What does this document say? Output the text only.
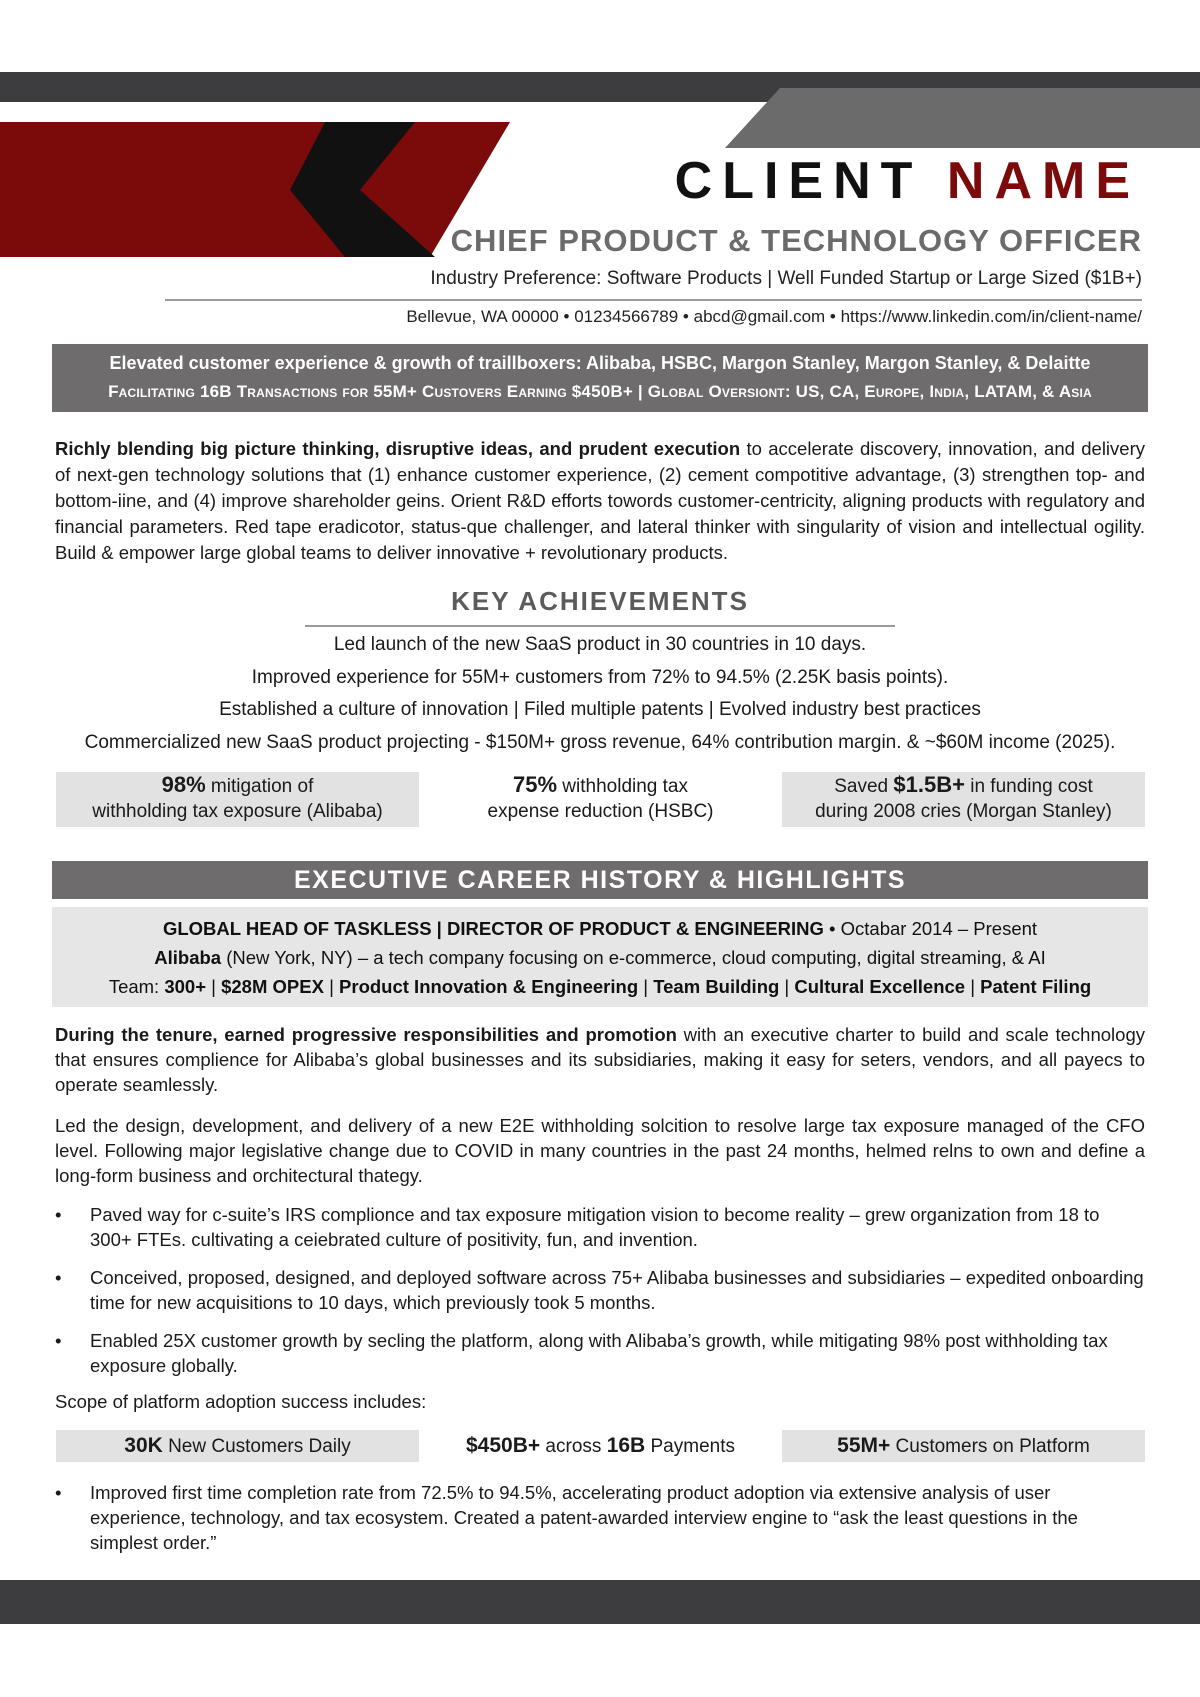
CLIENT NAME
CHIEF PRODUCT & TECHNOLOGY OFFICER
Industry Preference: Software Products | Well Funded Startup or Large Sized ($1B+)
Bellevue, WA 00000 • 01234566789 • abcd@gmail.com • https://www.linkedin.com/in/client-name/
Elevated customer experience & growth of traillboxers: Alibaba, HSBC, Margon Stanley, Margon Stanley, & Delaitte
Facilitating 16B Transactions for 55M+ Custovers Earning $450B+ | Global Oversiont: US, CA, Europe, India, LATAM, & Asia
Richly blending big picture thinking, disruptive ideas, and prudent execution to accelerate discovery, innovation, and delivery of next-gen technology solutions that (1) enhance customer experience, (2) cement compotitive advantage, (3) strengthen top- and bottom-iine, and (4) improve shareholder geins. Orient R&D efforts towords customer-centricity, aligning products with regulatory and financial parameters. Red tape eradicotor, status-que challenger, and lateral thinker with singularity of vision and intellectual ogility. Build & empower large global teams to deliver innovative + revolutionary products.
KEY ACHIEVEMENTS
Led launch of the new SaaS product in 30 countries in 10 days.
Improved experience for 55M+ customers from 72% to 94.5% (2.25K basis points).
Established a culture of innovation | Filed multiple patents | Evolved industry best practices
Commercialized new SaaS product projecting - $150M+ gross revenue, 64% contribution margin. & ~$60M income (2025).
98% mitigation of
withholding tax exposure (Alibaba)
75% withholding tax
expense reduction (HSBC)
Saved $1.5B+ in funding cost
during 2008 cries (Morgan Stanley)
EXECUTIVE CAREER HISTORY & HIGHLIGHTS
GLOBAL HEAD OF TASKLESS | DIRECTOR OF PRODUCT & ENGINEERING • Octabar 2014 – Present
Alibaba (New York, NY) – a tech company focusing on e-commerce, cloud computing, digital streaming, & AI
Team: 300+ | $28M OPEX | Product Innovation & Engineering | Team Building | Cultural Excellence | Patent Filing
During the tenure, earned progressive responsibilities and promotion with an executive charter to build and scale technology that ensures complience for Alibaba’s global businesses and its subsidiaries, making it easy for seters, vendors, and all payecs to operate seamlessly.
Led the design, development, and delivery of a new E2E withholding solcition to resolve large tax exposure managed of the CFO level. Following major legislative change due to COVID in many countries in the past 24 months, helmed relns to own and define a long-form business and orchitectural thategy.
• Paved way for c-suite’s IRS complionce and tax exposure mitigation vision to become reality – grew organization from 18 to 300+ FTEs. cultivating a ceiebrated culture of positivity, fun, and invention.
• Conceived, proposed, designed, and deployed software across 75+ Alibaba businesses and subsidiaries – expedited onboarding time for new acquisitions to 10 days, which previously took 5 months.
• Enabled 25X customer growth by secling the platform, along with Alibaba’s growth, while mitigating 98% post withholding tax exposure globally.
Scope of platform adoption success includes:
30K New Customers Daily	$450B+ across 16B Payments	55M+ Customers on Platform
• Improved first time completion rate from 72.5% to 94.5%, accelerating product adoption via extensive analysis of user experience, technology, and tax ecosystem. Created a patent-awarded interview engine to “ask the least questions in the simplest order.”
